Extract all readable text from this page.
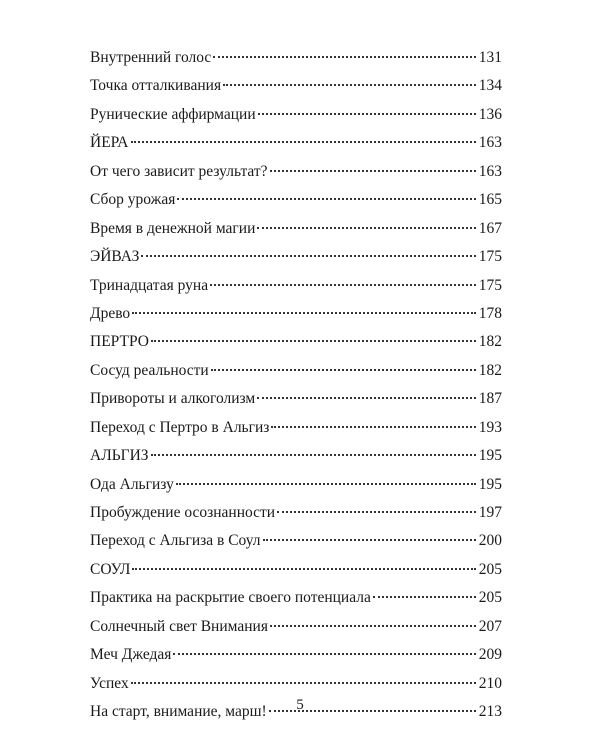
Внутренний голос	131
Точка отталкивания	134
Рунические аффирмации	136
ЙЕРА	163
От чего зависит результат?	163
Сбор урожая	165
Время в денежной магии	167
ЭЙВАЗ	175
Тринадцатая руна	175
Древо	178
ПЕРТРО	182
Сосуд реальности	182
Привороты и алкоголизм	187
Переход с Пертро в Альгиз	193
АЛЬГИЗ	195
Ода Альгизу	195
Пробуждение осознанности	197
Переход с Альгиза в Соул	200
СОУЛ	205
Практика на раскрытие своего потенциала	205
Солнечный свет Внимания	207
Меч Джедая	209
Успех	210
На старт, внимание, марш!	213
5
